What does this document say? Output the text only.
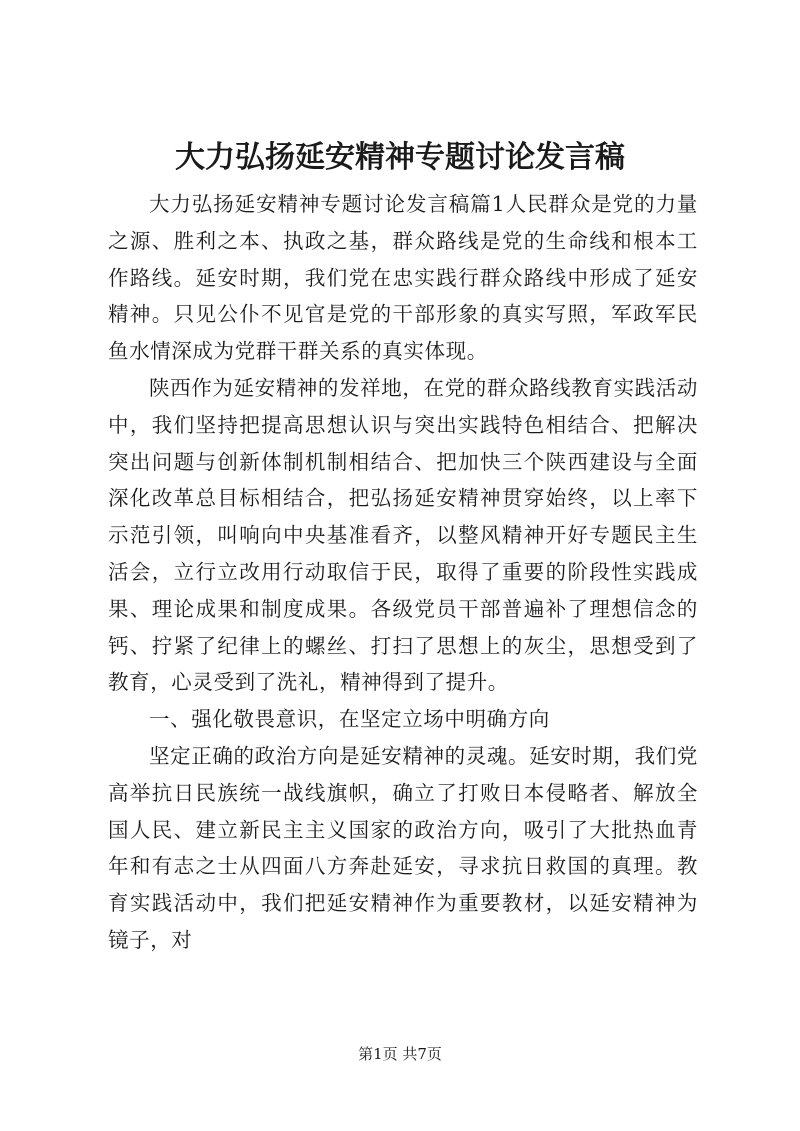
大力弘扬延安精神专题讨论发言稿

大力弘扬延安精神专题讨论发言稿篇1人民群众是党的力量之源、胜利之本、执政之基，群众路线是党的生命线和根本工作路线。延安时期，我们党在忠实践行群众路线中形成了延安精神。只见公仆不见官是党的干部形象的真实写照，军政军民鱼水情深成为党群干群关系的真实体现。

陕西作为延安精神的发祥地，在党的群众路线教育实践活动中，我们坚持把提高思想认识与突出实践特色相结合、把解决突出问题与创新体制机制相结合、把加快三个陕西建设与全面深化改革总目标相结合，把弘扬延安精神贯穿始终，以上率下示范引领，叫响向中央基准看齐，以整风精神开好专题民主生活会，立行立改用行动取信于民，取得了重要的阶段性实践成果、理论成果和制度成果。各级党员干部普遍补了理想信念的钙、拧紧了纪律上的螺丝、打扫了思想上的灰尘，思想受到了教育，心灵受到了洗礼，精神得到了提升。

一、强化敬畏意识，在坚定立场中明确方向

坚定正确的政治方向是延安精神的灵魂。延安时期，我们党高举抗日民族统一战线旗帜，确立了打败日本侵略者、解放全国人民、建立新民主主义国家的政治方向，吸引了大批热血青年和有志之士从四面八方奔赴延安，寻求抗日救国的真理。教育实践活动中，我们把延安精神作为重要教材，以延安精神为镜子，对

第1页 共7页
